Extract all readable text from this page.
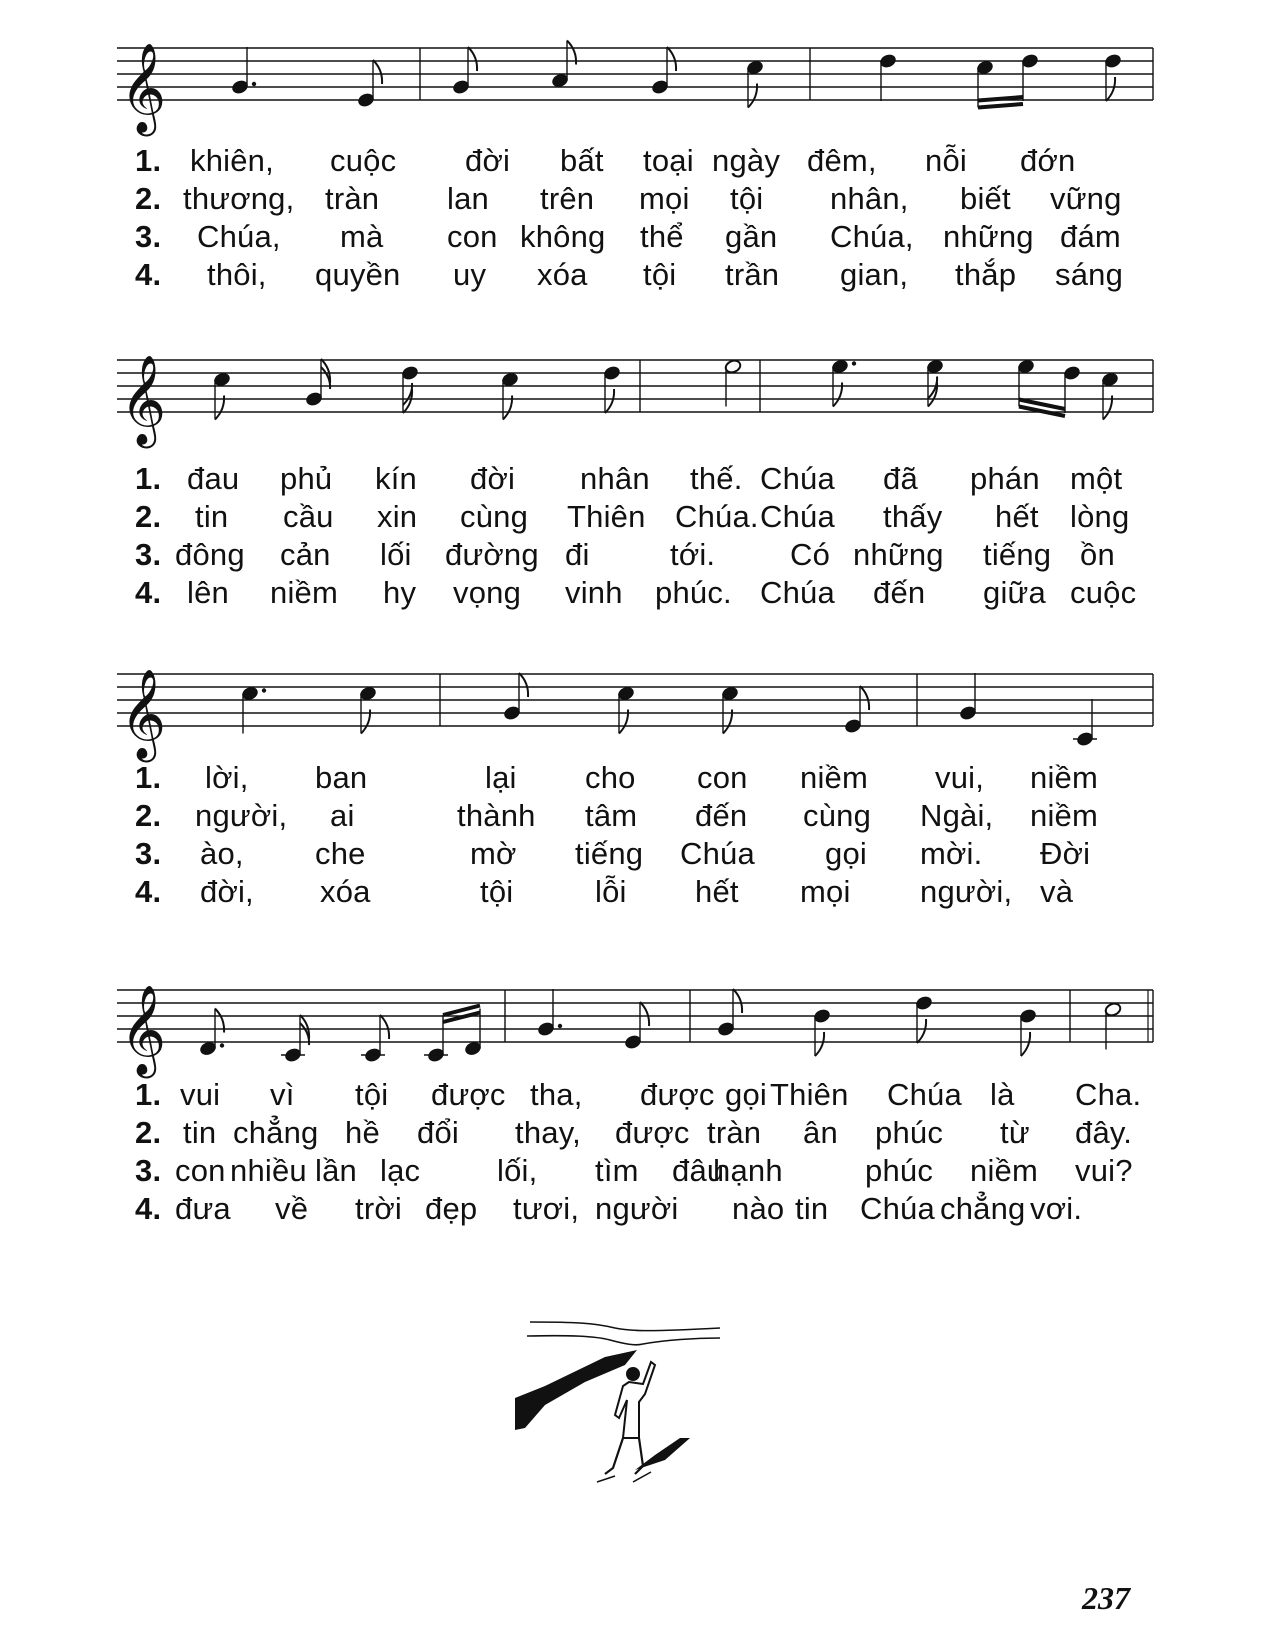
𝄞
1. khiên, cuộc đời bất toại ngày đêm, nỗi đớn
2. thương, tràn lan trên mọi tội nhân, biết vững
3.	Chúa, mà con không thể gần Chúa, những đám
4.	thôi, quyền uy xóa tội trần gian, thắp sáng
𝄞
1. đau phủ kín đời nhân thế. Chúa đã phán một
2.	tin cầu xin cùng Thiên Chúa. Chúa thấy hết lòng
3. đông cản lối đường đi	tới. Có những tiếng ồn
4. lên niềm hy vọng vinh phúc. Chúa đến giữa cuộc
𝄞
1.	lời, ban	lại cho con niềm vui, niềm
2.	người, ai	thành tâm đến cùng Ngài, niềm
3.	ào, che	mờ tiếng Chúa gọi mời. Đời
4.	đời, xóa	tội	lỗi hết mọi người, và
𝄞
1. vui vì tội được tha, được gọi Thiên Chúa là Cha.
2. tin chẳng hề đổi thay, được tràn ân phúc từ đây.
3. con nhiều lần lạc lối, tìm đâu
hạnh	phúc niềm vui?
4. đưa về trời đẹp tươi, người nào tin Chúa chẳng vơi.
237
